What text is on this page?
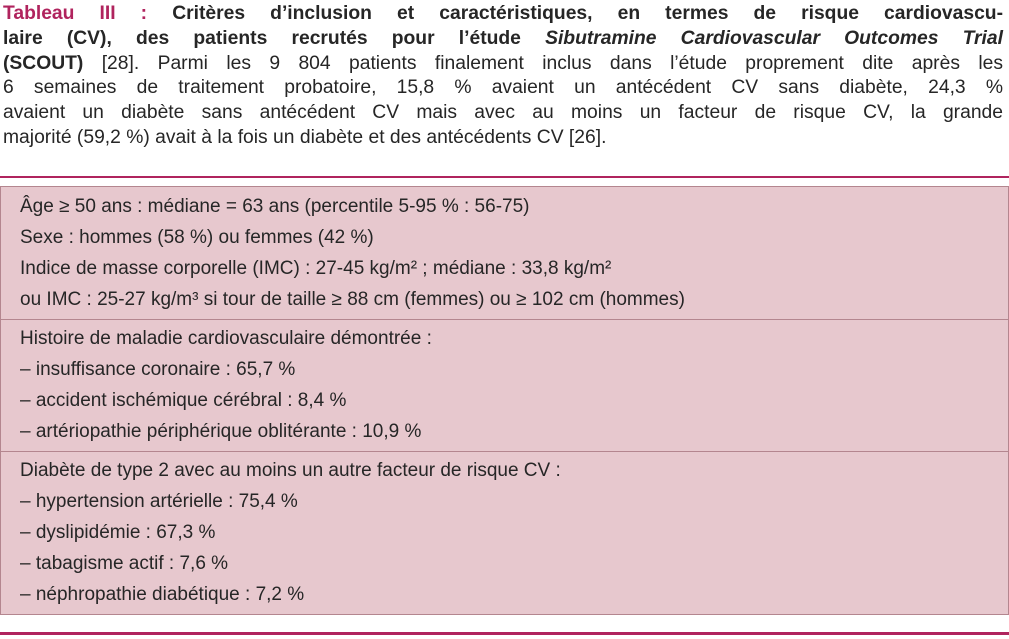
Tableau III : Critères d’inclusion et caractéristiques, en termes de risque cardiovascu-
laire (CV), des patients recrutés pour l’étude Sibutramine Cardiovascular Outcomes Trial
(SCOUT) [28]. Parmi les 9 804 patients finalement inclus dans l’étude proprement dite après les
6 semaines de traitement probatoire, 15,8 % avaient un antécédent CV sans diabète, 24,3 %
avaient un diabète sans antécédent CV mais avec au moins un facteur de risque CV, la grande
majorité (59,2 %) avait à la fois un diabète et des antécédents CV [26].
Âge ≥ 50 ans : médiane = 63 ans (percentile 5-95 % : 56-75)
Sexe : hommes (58 %) ou femmes (42 %)
Indice de masse corporelle (IMC) : 27-45 kg/m² ; médiane : 33,8 kg/m²
ou IMC : 25-27 kg/m³ si tour de taille ≥ 88 cm (femmes) ou ≥ 102 cm (hommes)
Histoire de maladie cardiovasculaire démontrée :
– insuffisance coronaire : 65,7 %
– accident ischémique cérébral : 8,4 %
– artériopathie périphérique oblitérante : 10,9 %
Diabète de type 2 avec au moins un autre facteur de risque CV :
– hypertension artérielle : 75,4 %
– dyslipidémie : 67,3 %
– tabagisme actif : 7,6 %
– néphropathie diabétique : 7,2 %
